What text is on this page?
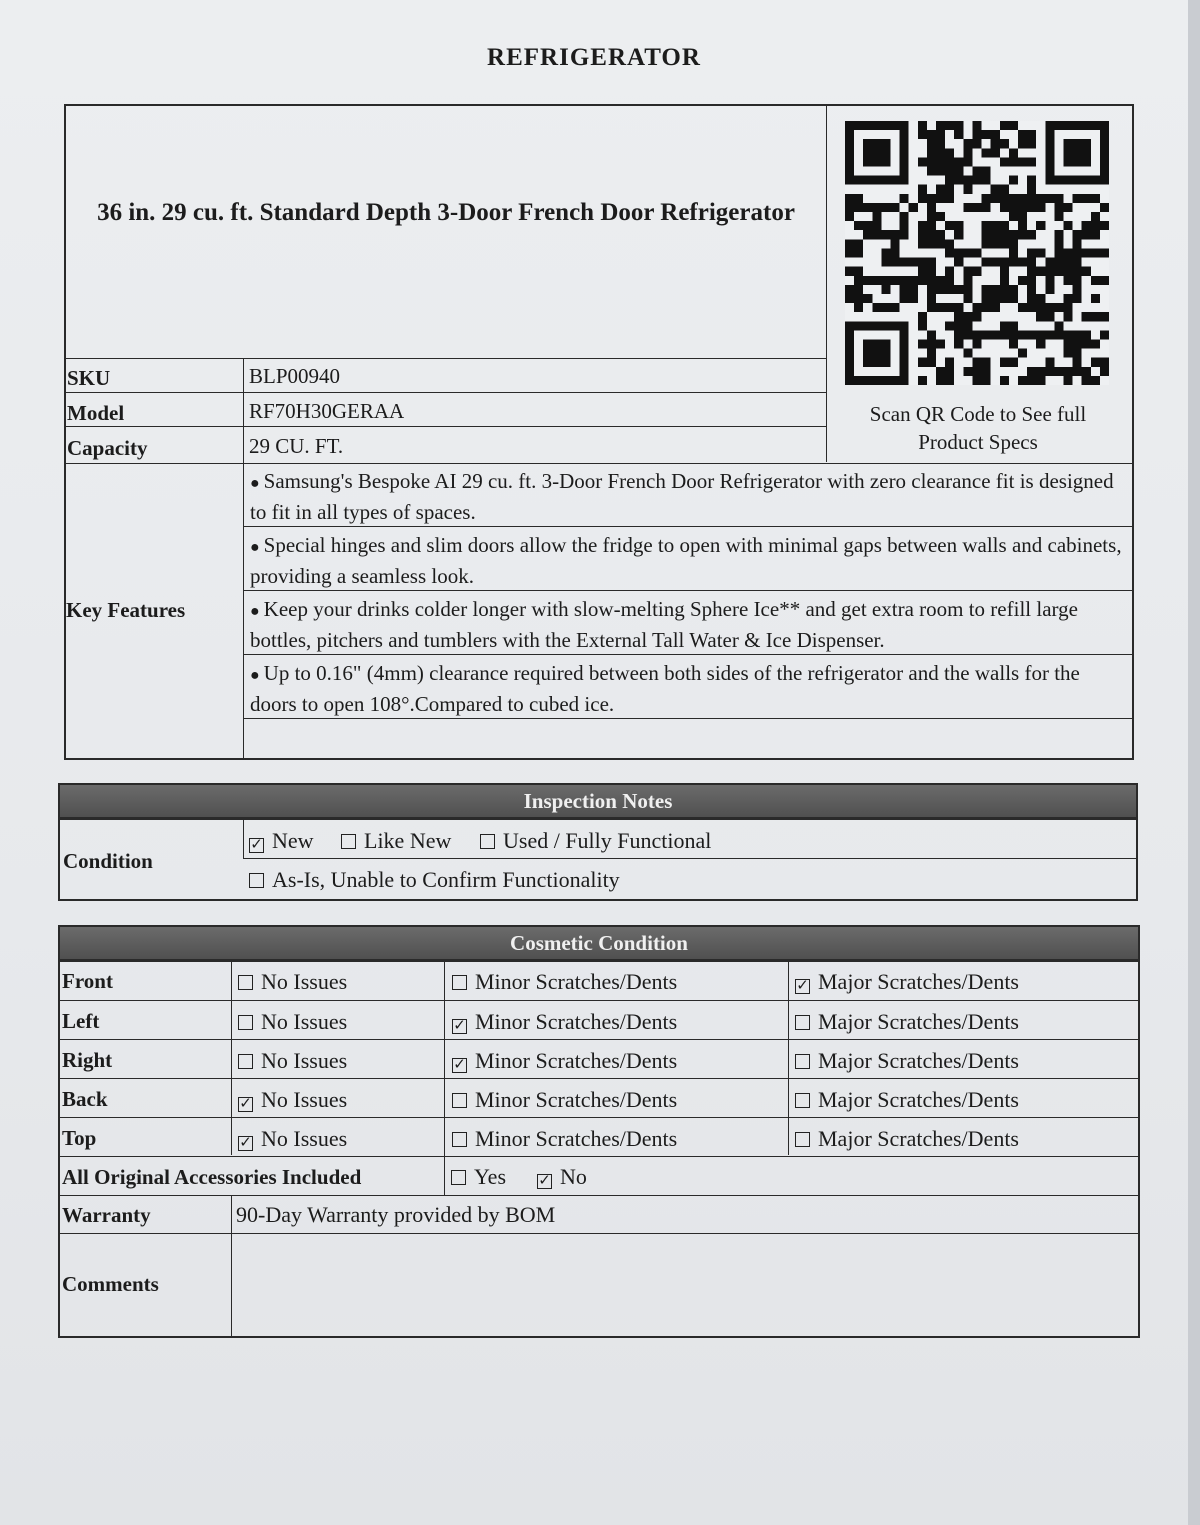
REFRIGERATOR
36 in. 29 cu. ft. Standard Depth 3-Door French Door Refrigerator
Scan QR Code to See full Product Specs
SKU	BLP00940
Model	RF70H30GERAA
Capacity	29 CU. FT.
Key Features
● Samsung's Bespoke AI 29 cu. ft. 3-Door French Door Refrigerator with zero clearance fit is designed to fit in all types of spaces.
● Special hinges and slim doors allow the fridge to open with minimal gaps between walls and cabinets, providing a seamless look.
● Keep your drinks colder longer with slow-melting Sphere Ice** and get extra room to refill large bottles, pitchers and tumblers with the External Tall Water & Ice Dispenser.
● Up to 0.16" (4mm) clearance required between both sides of the refrigerator and the walls for the doors to open 108°.Compared to cubed ice.
Inspection Notes
Condition
✓ New	Like New	Used / Fully Functional
As-Is, Unable to Confirm Functionality
Cosmetic Condition
Front	No Issues	Minor Scratches/Dents	✓ Major Scratches/Dents
Left	No Issues	✓ Minor Scratches/Dents	Major Scratches/Dents
Right	No Issues	✓ Minor Scratches/Dents	Major Scratches/Dents
Back	✓ No Issues	Minor Scratches/Dents	Major Scratches/Dents
Top	✓ No Issues	Minor Scratches/Dents	Major Scratches/Dents
All Original Accessories Included	Yes ✓ No
Warranty	90-Day Warranty provided by BOM
Comments
